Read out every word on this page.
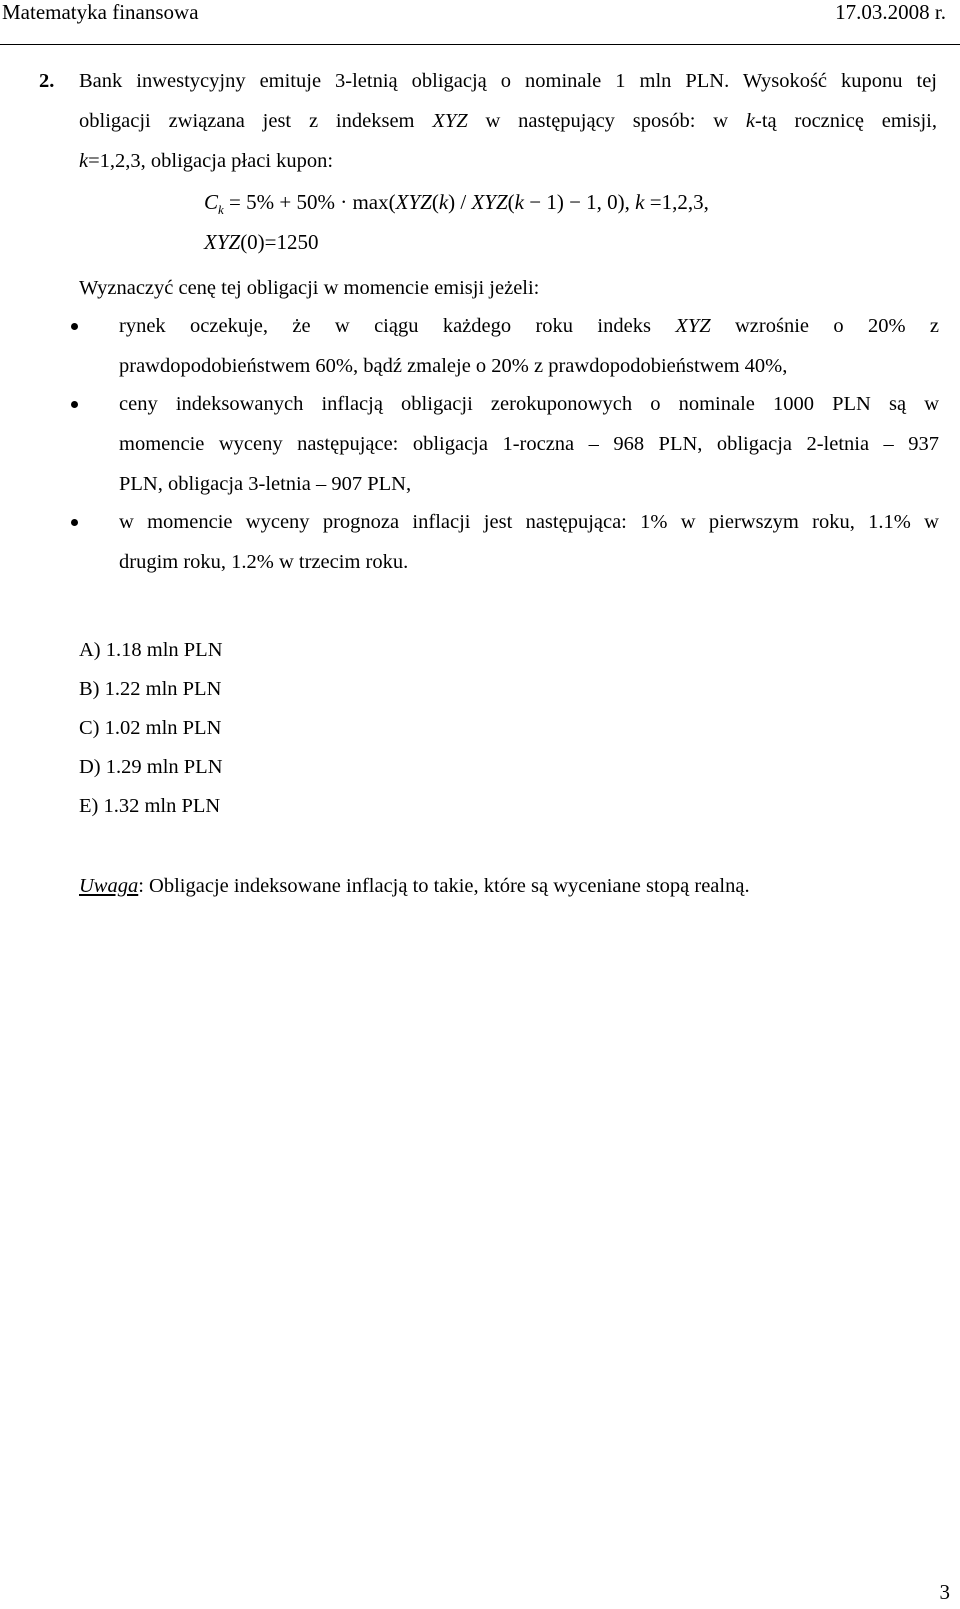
Matematyka finansowa	17.03.2008 r.
2. Bank inwestycyjny emituje 3-letnią obligacją o nominale 1 mln PLN. Wysokość kuponu tej
obligacji związana jest z indeksem XYZ w następujący sposób: w k-tą rocznicę emisji,
k=1,2,3, obligacja płaci kupon:
$C_k = 5\% + 50\% \cdot \max(XYZ(k) / XYZ(k - 1) - 1$, 0), k =1,2,3,
XYZ(0)=1250
Wyznaczyć cenę tej obligacji w momencie emisji jeżeli:
rynek oczekuje, że w ciągu każdego roku indeks XYZ wzrośnie o 20% z
prawdopodobieństwem 60%, bądź zmaleje o 20% z prawdopodobieństwem 40%,
ceny indeksowanych inflacją obligacji zerokuponowych o nominale 1000 PLN są w
momencie wyceny następujące: obligacja 1-roczna – 968 PLN, obligacja 2-letnia – 937
PLN, obligacja 3-letnia – 907 PLN,
w momencie wyceny prognoza inflacji jest następująca: 1% w pierwszym roku, 1.1% w
drugim roku, 1.2% w trzecim roku.
A) 1.18 mln PLN
B) 1.22 mln PLN
C) 1.02 mln PLN
D) 1.29 mln PLN
E) 1.32 mln PLN
Uwaga: Obligacje indeksowane inflacją to takie, które są wyceniane stopą realną.
3
